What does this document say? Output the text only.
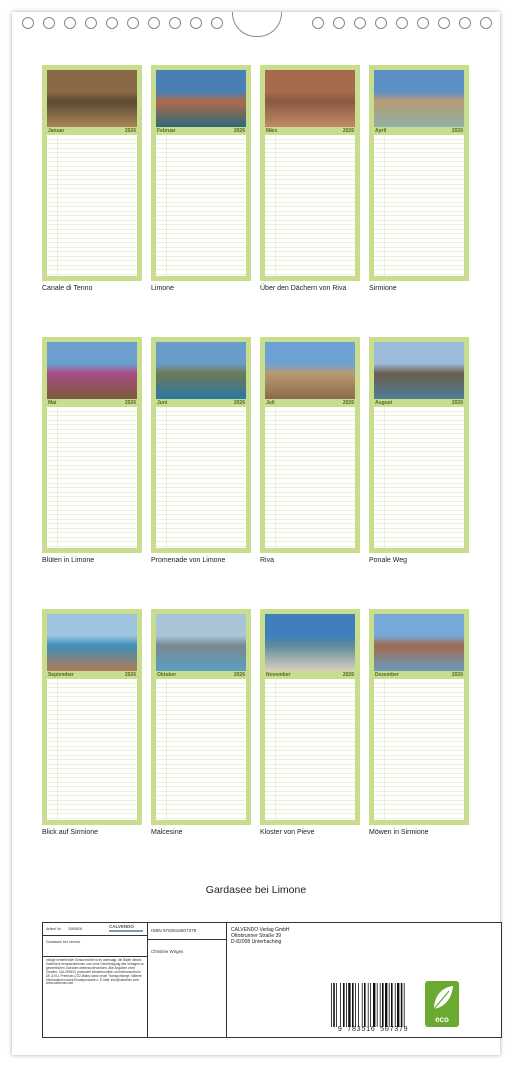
Januar	2026
Canale di Tenno
Februar	2026
Limone
März	2026
Über den Dächern von Riva
April	2026
Sirmione
Mai	2026
Blüten in Limone
Juni	2026
Promenade von Limone
Juli	2026
Riva
August	2026
Ponale Weg
September	2026
Blick auf Sirmione
Oktober	2026
Malcesine
November	2026
Kloster von Pieve
Dezember	2026
Möwen in Sirmione
Gardasee bei Limone
Artikel Nr. 2060826	CALVENDO
Gardasee bei Limone
Infolge bestehender Schutzrechte ist es untersagt, die Bilder dieses Kalenders herauszutrennen und ohne Genehmigung des Verlages zu gewerblichen Zwecken weiterzuverwenden. Alle Angaben ohne Gewähr. CALVENDO produziert klimafreundlich und klimaneutral in DE & EU. Premium-CO2-Bilanz dank neuer Transportwege. Nähere Informationen dank Ersatzprodukte u. E-Mail: info@calvendo.com · www.calvendo.com
ISBN 9783516507379
Christine Wirges
CALVENDO Verlag GmbH
Ottobrunner Straße 39
D-82008 Unterhaching
9 783516 507379
eco
